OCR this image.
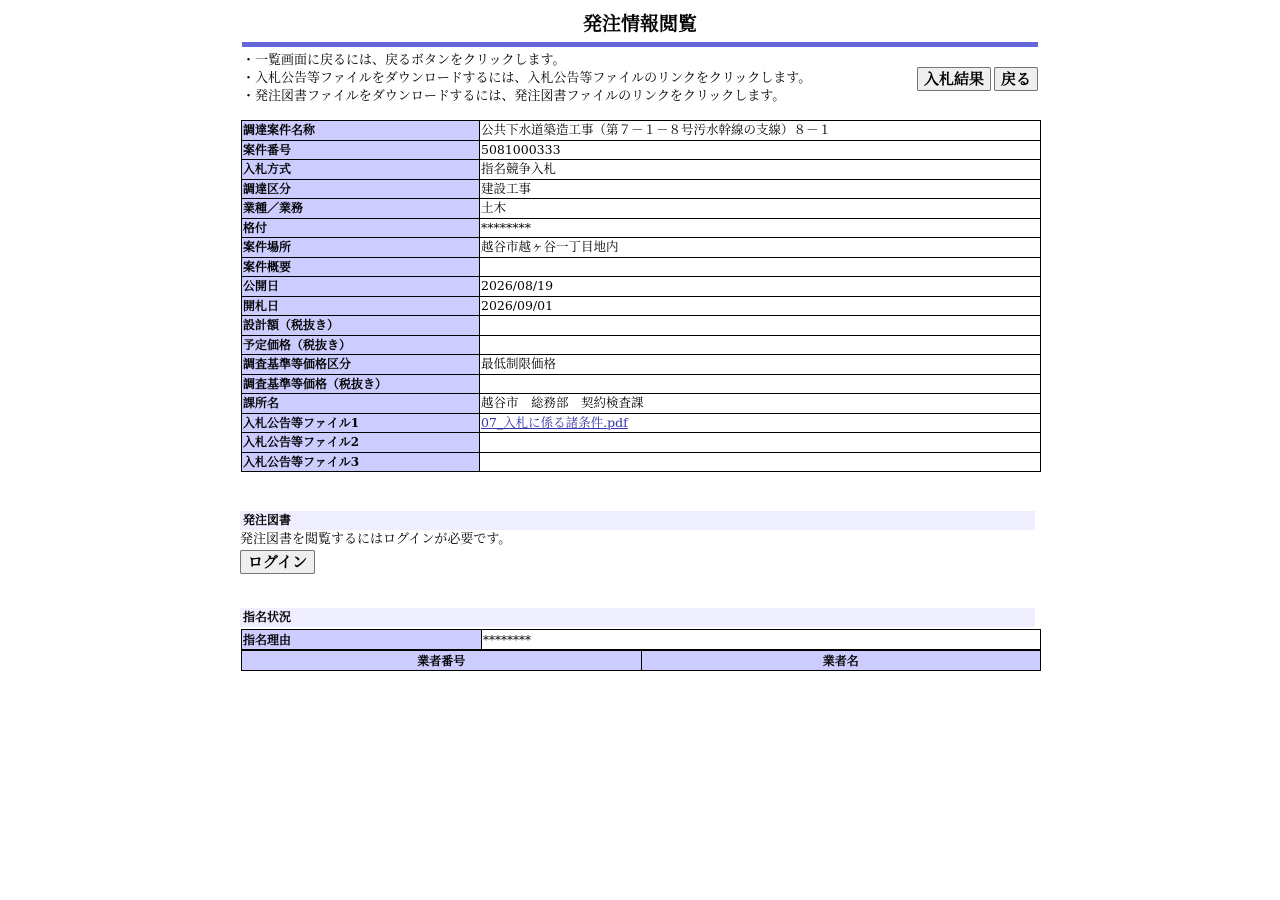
発注情報閲覧
・一覧画面に戻るには、戻るボタンをクリックします。
・入札公告等ファイルをダウンロードするには、入札公告等ファイルのリンクをクリックします。
・発注図書ファイルをダウンロードするには、発注図書ファイルのリンクをクリックします。
入札結果	戻る
調達案件名称	公共下水道築造工事（第７－１－８号汚水幹線の支線）８－１
案件番号	5081000333
入札方式	指名競争入札
調達区分	建設工事
業種／業務	土木
格付	********
案件場所	越谷市越ヶ谷一丁目地内
案件概要	
公開日	2026/08/19
開札日	2026/09/01
設計額（税抜き）	
予定価格（税抜き）	
調査基準等価格区分	最低制限価格
調査基準等価格（税抜き）	
課所名	越谷市　総務部　契約検査課
入札公告等ファイル1	07_入札に係る諸条件.pdf
入札公告等ファイル2	
入札公告等ファイル3	
発注図書
発注図書を閲覧するにはログインが必要です。
ログイン
指名状況
指名理由	********
業者番号	業者名
